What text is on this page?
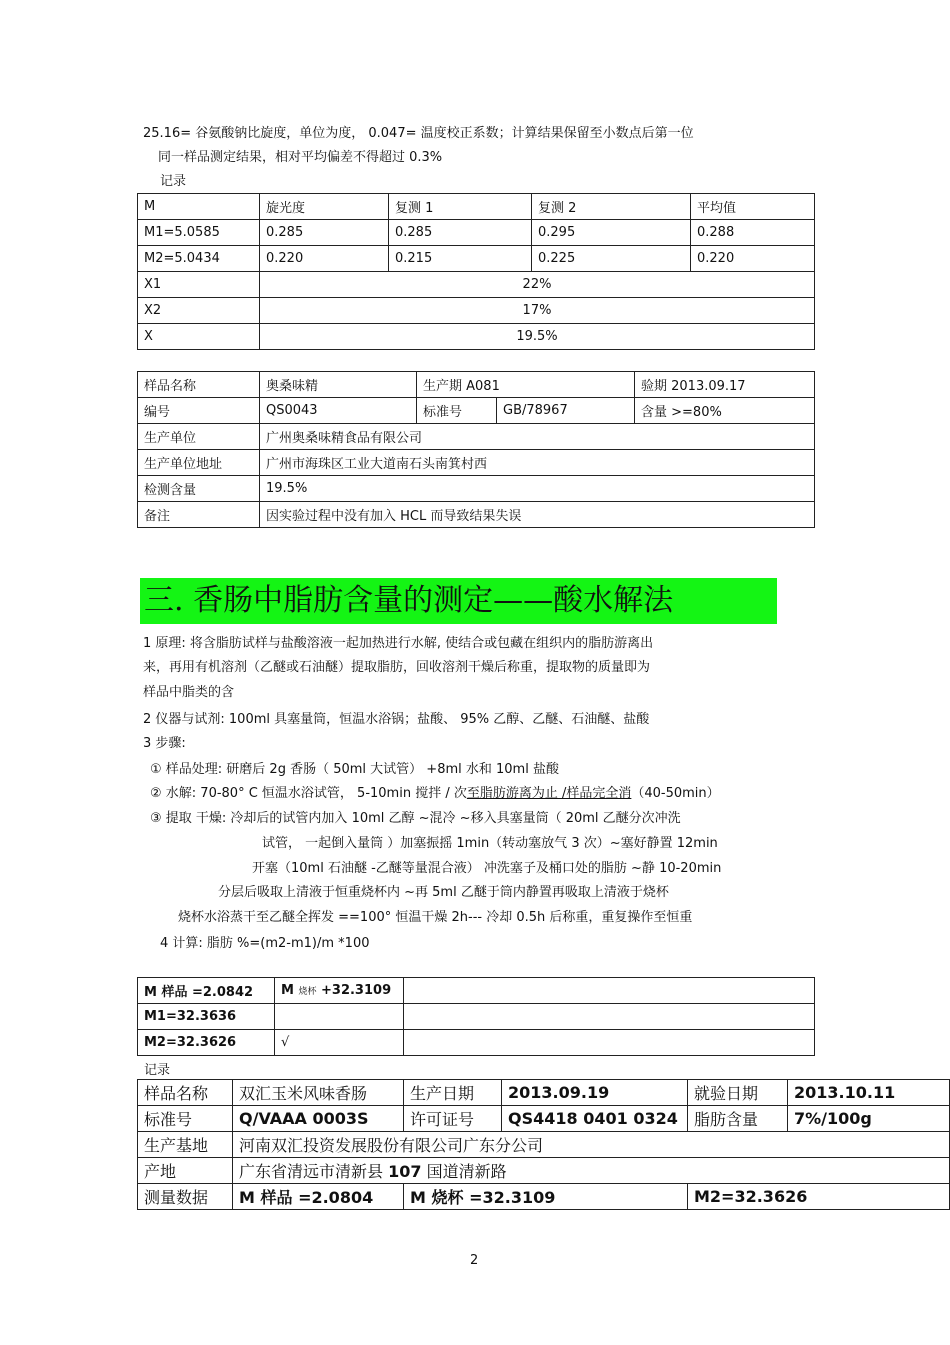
25.16= 谷氨酸钠比旋度，单位为度， 0.047= 温度校正系数；计算结果保留至小数点后第一位
同一样品测定结果，相对平均偏差不得超过 0.3%
记录
M	旋光度	复测 1	复测 2	平均值
M1=5.0585	0.285	0.285	0.295	0.288
M2=5.0434	0.220	0.215	0.225	0.220
X1	22%			
X2	17%			
X	19.5%			
样品名称	奥桑味精	生产期 A081		验期 2013.09.17
编号	QS0043	标准号	GB/78967	含量 >=80%
生产单位	广州奥桑味精食品有限公司			
生产单位地址	广州市海珠区工业大道南石头南箕村西			
检测含量	19.5%			
备注	因实验过程中没有加入 HCL 而导致结果失误			
三. 香肠中脂肪含量的测定——酸水解法
1 原理: 将含脂肪试样与盐酸溶液一起加热进行水解, 使结合或包藏在组织内的脂肪游离出
来，再用有机溶剂（乙醚或石油醚）提取脂肪，回收溶剂干燥后称重，提取物的质量即为
样品中脂类的含
2 仪器与试剂: 100ml 具塞量筒，恒温水浴锅；盐酸、 95% 乙醇、乙醚、石油醚、盐酸
3 步骤:
① 样品处理: 研磨后 2g 香肠（ 50ml 大试管） +8ml 水和 10ml 盐酸
② 水解: 70-80° C 恒温水浴试管， 5-10min 搅拌 / 次至脂肪游离为止 /样品完全消（40-50min）
③ 提取 干燥: 冷却后的试管内加入 10ml 乙醇 ~混冷 ~移入具塞量筒（ 20ml 乙醚分次冲洗
试管， 一起倒入量筒 ）加塞振摇 1min（转动塞放气 3 次）~塞好静置 12min
开塞（10ml 石油醚 -乙醚等量混合液） 冲洗塞子及桶口处的脂肪 ~静 10-20min
分层后吸取上清液于恒重烧杯内 ~再 5ml 乙醚于筒内静置再吸取上清液于烧杯
烧杯水浴蒸干至乙醚全挥发 ==100° 恒温干燥 2h--- 冷却 0.5h 后称重，重复操作至恒重
4 计算: 脂肪 %=(m2-m1)/m *100
M 样品 =2.0842	M 烧杯 +32.3109	
M1=32.3636		
M2=32.3626	√	
记录
样品名称	双汇玉米风味香肠	生产日期	2013.09.19	就验日期	2013.10.11
标准号	Q/VAAA 0003S	许可证号	QS4418 0401 0324	脂肪含量	7%/100g
生产基地	河南双汇投资发展股份有限公司广东分公司				
产地	广东省清远市清新县 107 国道清新路				
测量数据	M 样品 =2.0804	M 烧杯 =32.3109		M2=32.3626	
2
